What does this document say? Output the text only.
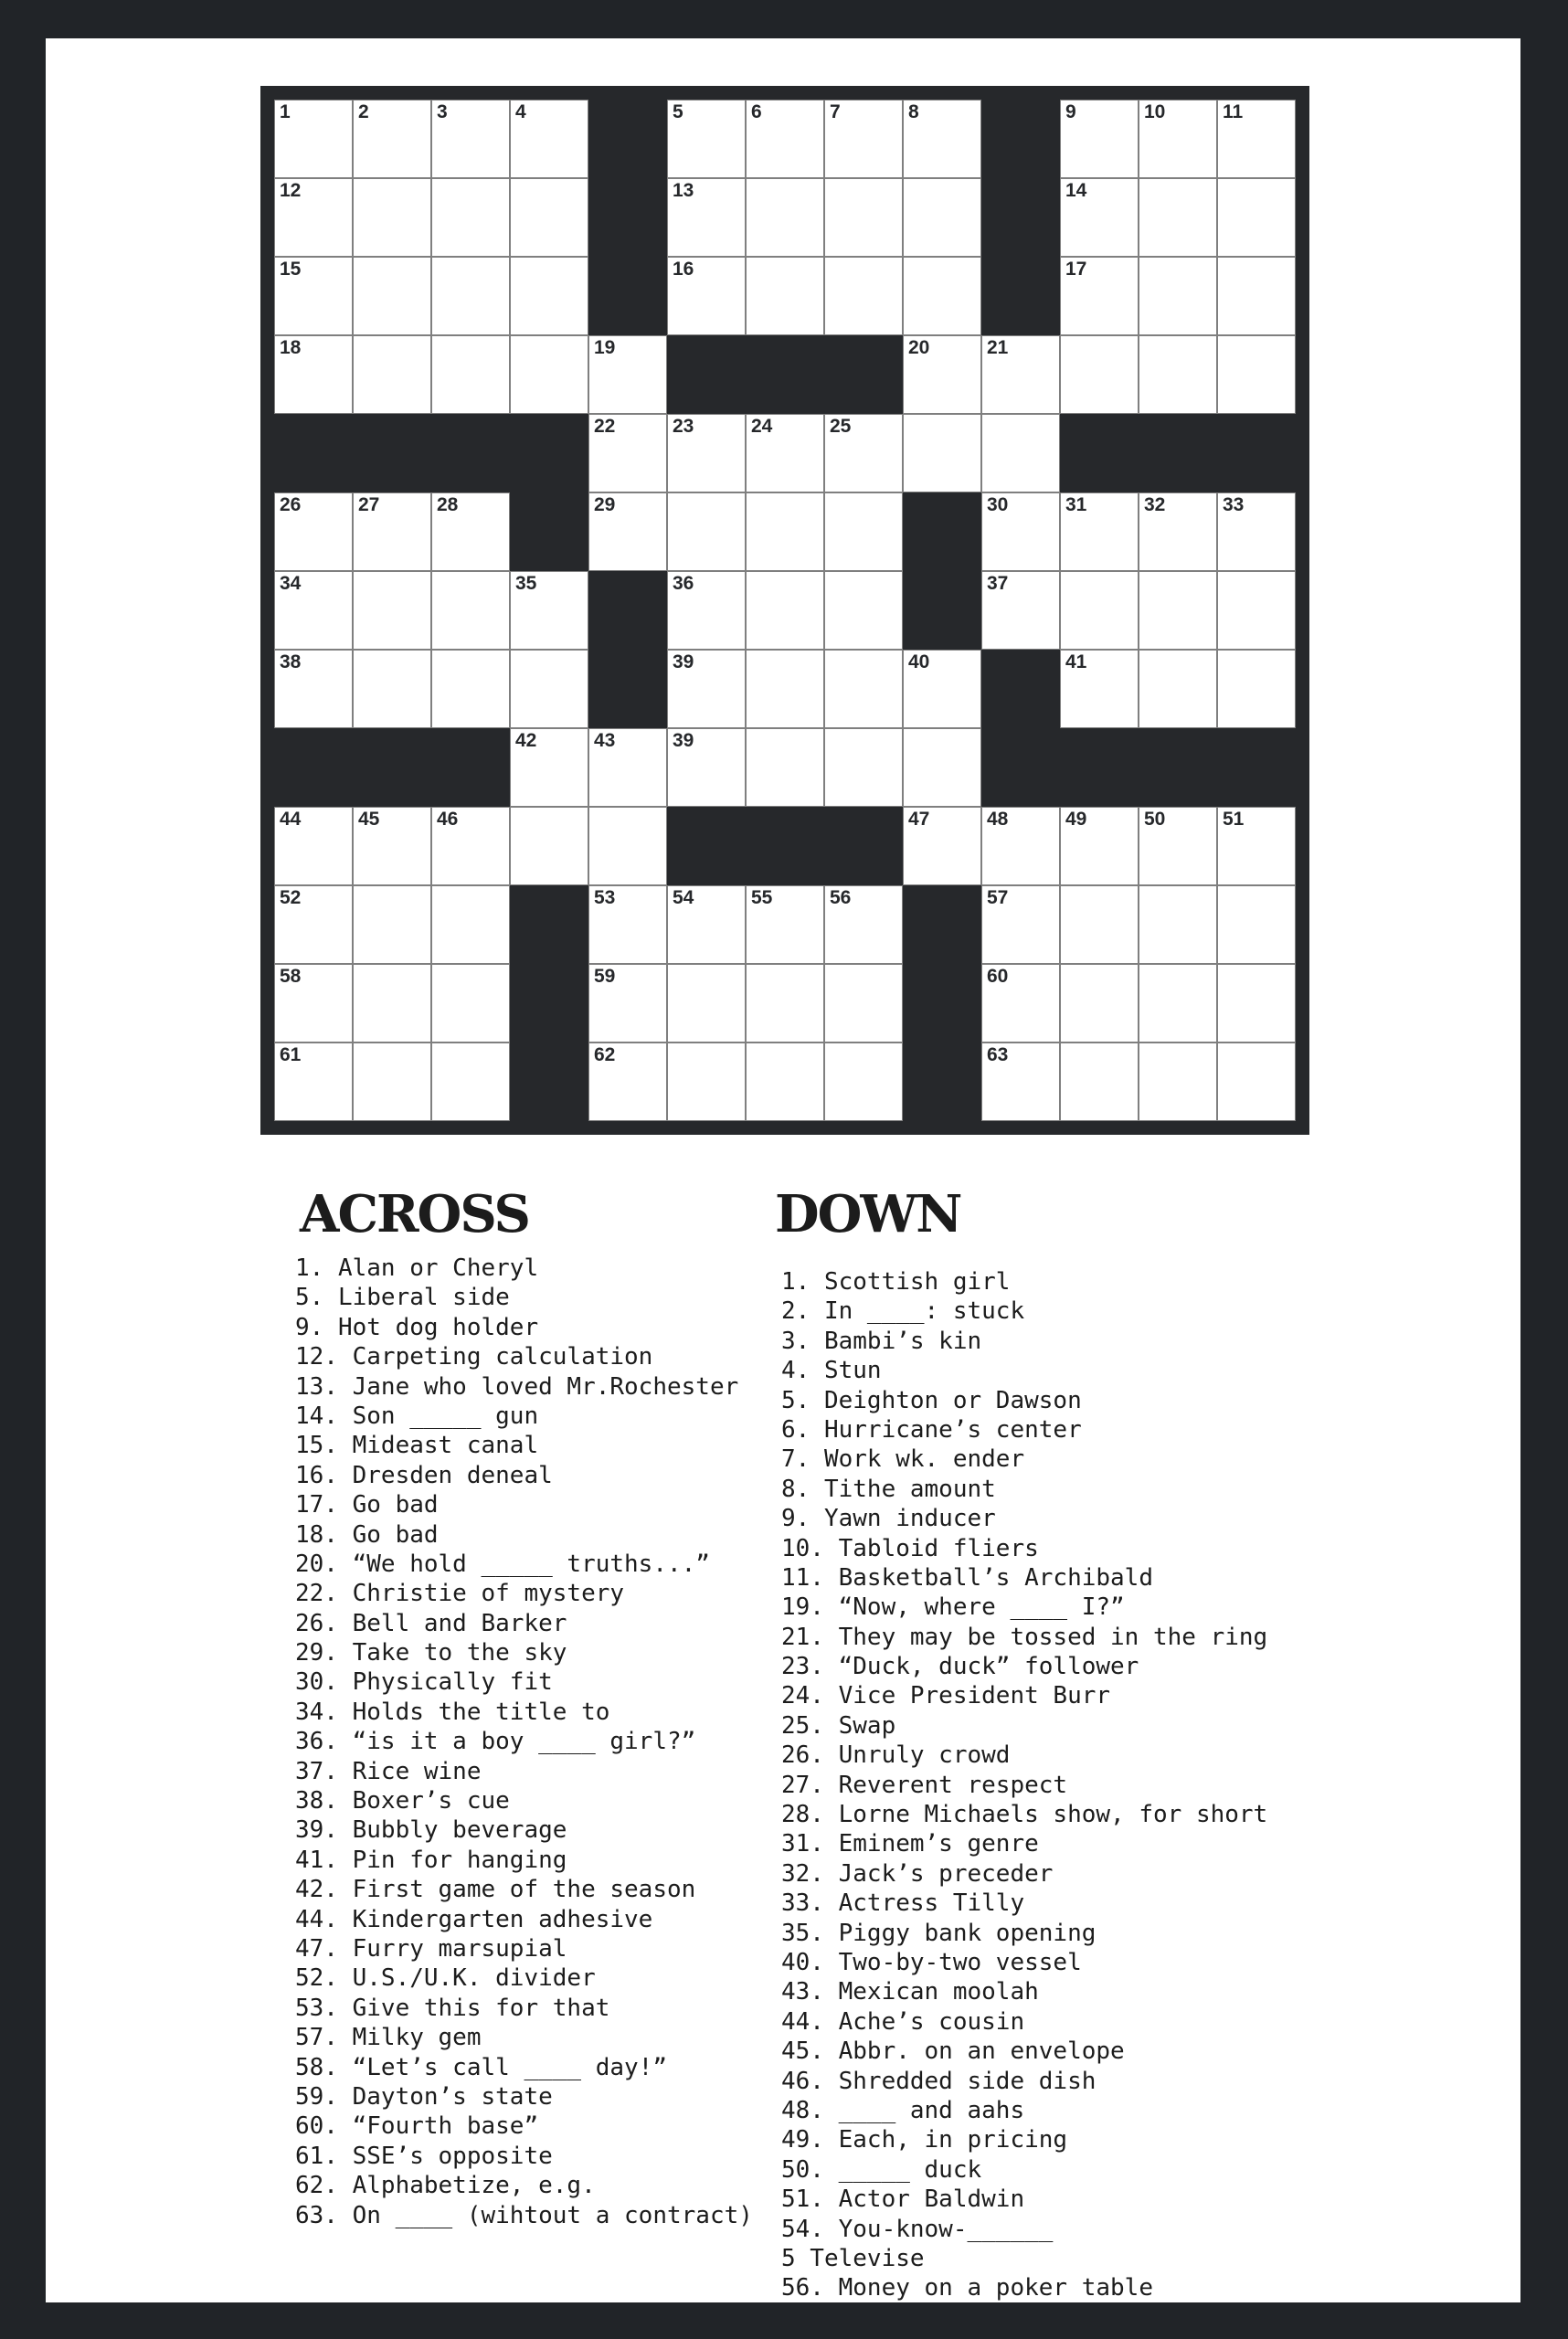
1	2	3	4	5	6	7	8	9	10	11
12	13	14
15	16	17
18	19	20	21
22	23	24	25
26	27	28	29	30	31	32	33
34	35	36	37
38	39	40	41
42	43	39
44	45	46	47	48	49	50	51
52	53	54	55	56	57
58	59	60
61	62	63
ACROSS
1. Alan or Cheryl
5. Liberal side
9. Hot dog holder
12. Carpeting calculation
13. Jane who loved Mr.Rochester
14. Son _____ gun
15. Mideast canal
16. Dresden deneal
17. Go bad
18. Go bad
20. “We hold _____ truths...”
22. Christie of mystery
26. Bell and Barker
29. Take to the sky
30. Physically fit
34. Holds the title to
36. “is it a boy ____ girl?”
37. Rice wine
38. Boxer’s cue
39. Bubbly beverage
41. Pin for hanging
42. First game of the season
44. Kindergarten adhesive
47. Furry marsupial
52. U.S./U.K. divider
53. Give this for that
57. Milky gem
58. “Let’s call ____ day!”
59. Dayton’s state
60. “Fourth base”
61. SSE’s opposite
62. Alphabetize, e.g.
63. On ____ (wihtout a contract)
DOWN
1. Scottish girl
2. In ____: stuck
3. Bambi’s kin
4. Stun
5. Deighton or Dawson
6. Hurricane’s center
7. Work wk. ender
8. Tithe amount
9. Yawn inducer
10. Tabloid fliers
11. Basketball’s Archibald
19. “Now, where ____ I?”
21. They may be tossed in the ring
23. “Duck, duck” follower
24. Vice President Burr
25. Swap
26. Unruly crowd
27. Reverent respect
28. Lorne Michaels show, for short
31. Eminem’s genre
32. Jack’s preceder
33. Actress Tilly
35. Piggy bank opening
40. Two-by-two vessel
43. Mexican moolah
44. Ache’s cousin
45. Abbr. on an envelope
46. Shredded side dish
48. ____ and aahs
49. Each, in pricing
50. _____ duck
51. Actor Baldwin
54. You-know-______
5 Televise
56. Money on a poker table
